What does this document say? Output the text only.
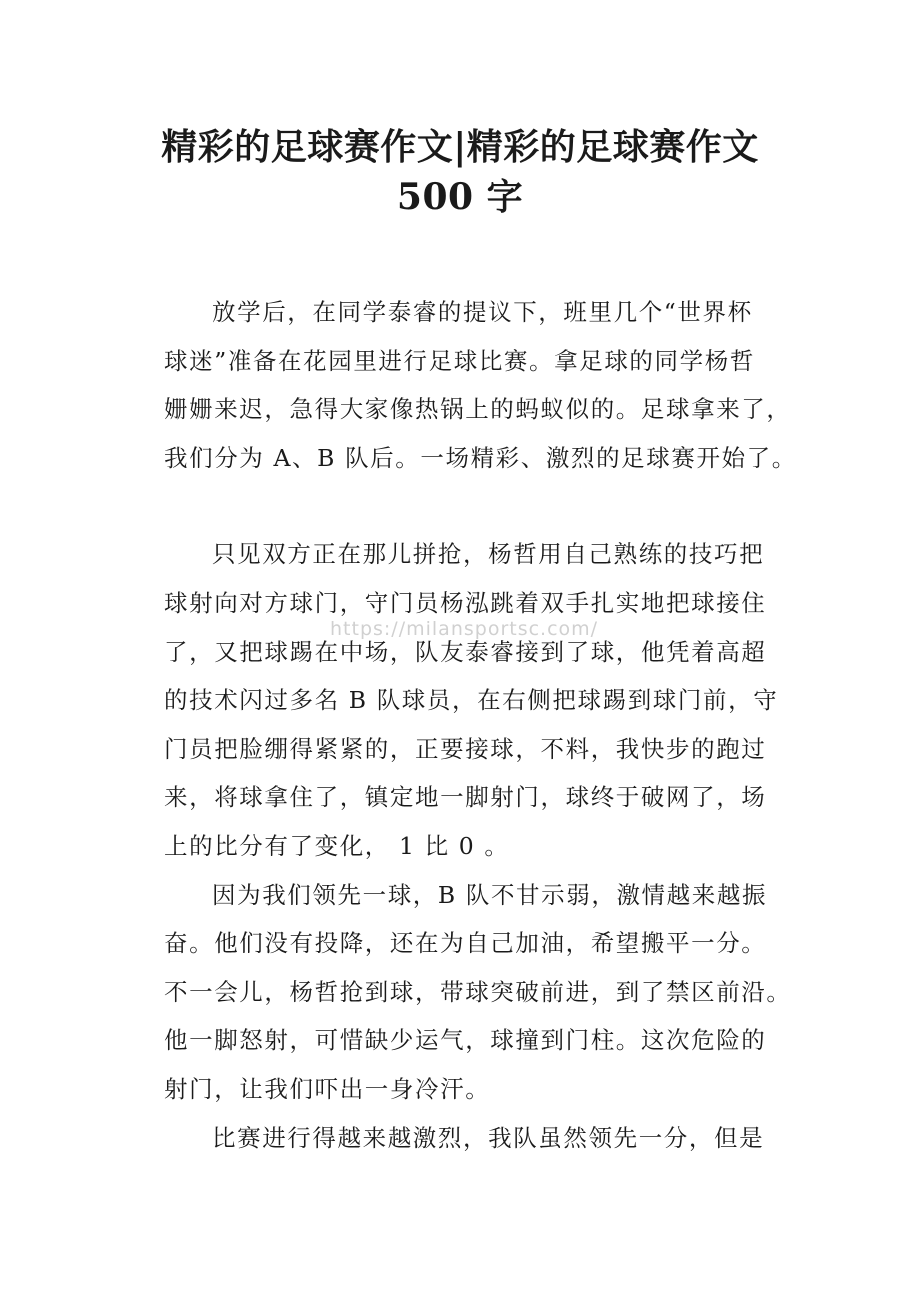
精彩的足球赛作文|精彩的足球赛作文
500 字

放学后，在同学泰睿的提议下，班里几个“世界杯
球迷”准备在花园里进行足球比赛。拿足球的同学杨哲
姗姗来迟，急得大家像热锅上的蚂蚁似的。足球拿来了，
我们分为 A、B 队后。一场精彩、激烈的足球赛开始了。

只见双方正在那儿拼抢，杨哲用自己熟练的技巧把
球射向对方球门，守门员杨泓跳着双手扎实地把球接住
了，又把球踢在中场，队友泰睿接到了球，他凭着高超
的技术闪过多名 B 队球员，在右侧把球踢到球门前，守
门员把脸绷得紧紧的，正要接球，不料，我快步的跑过
来，将球拿住了，镇定地一脚射门，球终于破网了，场
上的比分有了变化， 1 比 0 。

因为我们领先一球，B 队不甘示弱，激情越来越振
奋。他们没有投降，还在为自己加油，希望搬平一分。
不一会儿，杨哲抢到球，带球突破前进，到了禁区前沿。
他一脚怒射，可惜缺少运气，球撞到门柱。这次危险的
射门，让我们吓出一身冷汗。

比赛进行得越来越激烈，我队虽然领先一分，但是

https://milansportsc.com/
